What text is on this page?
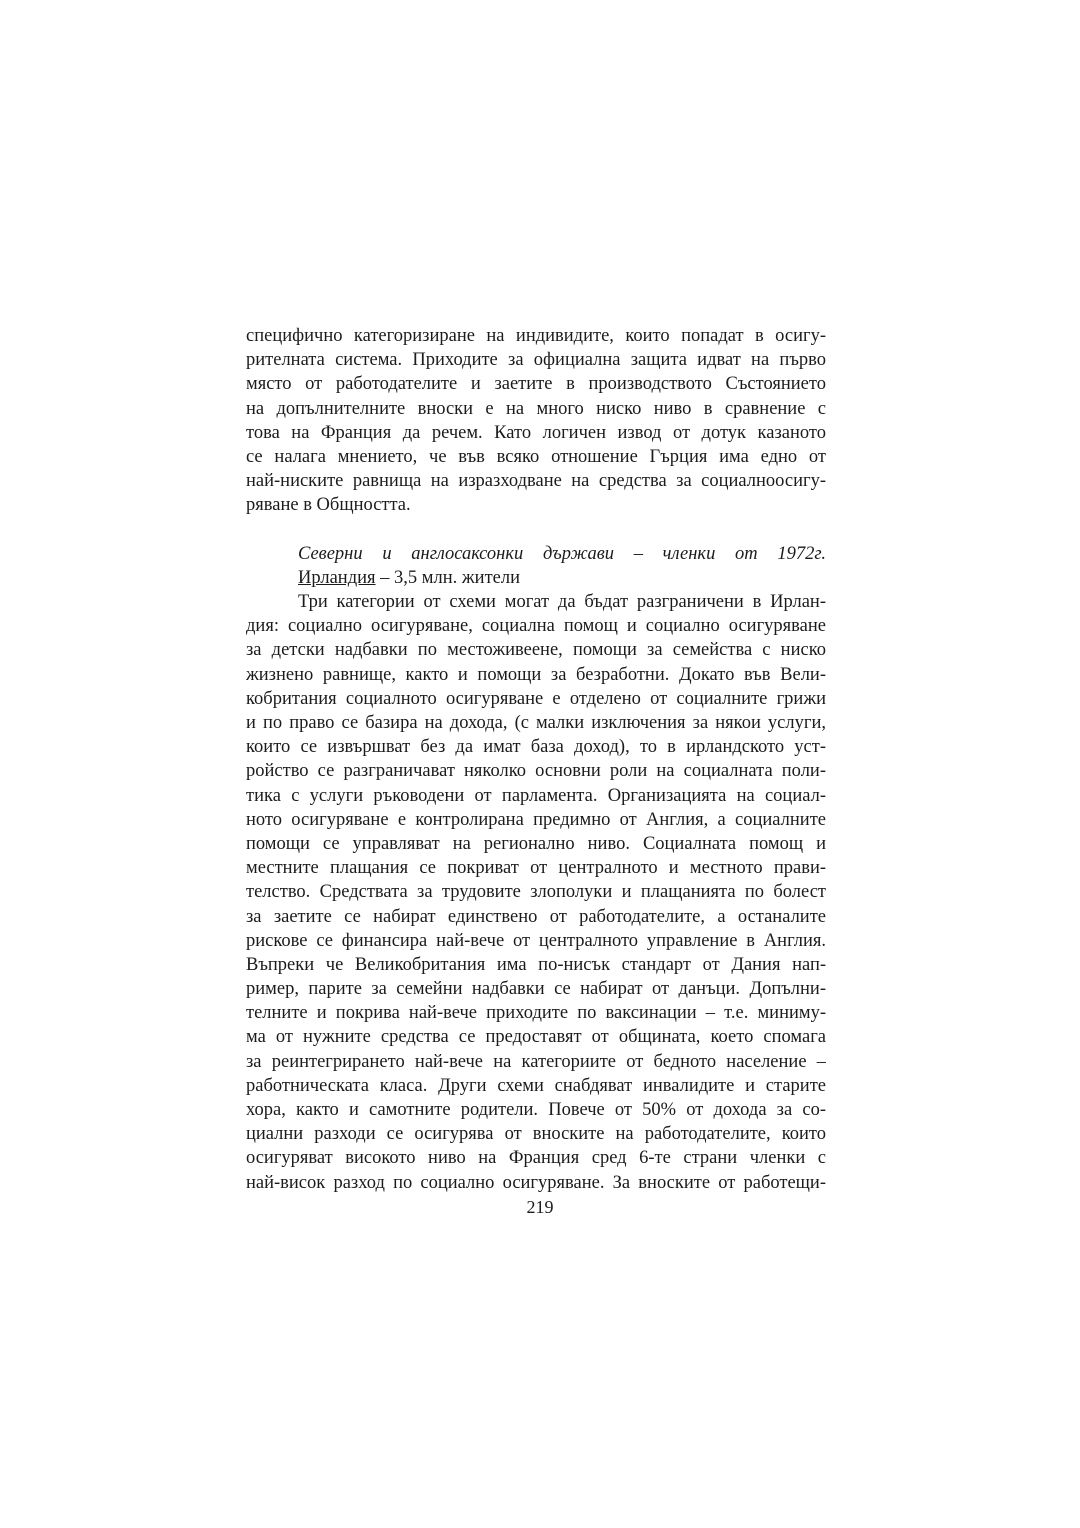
специфично категоризиране на индивидите, които попадат в осигу-
рителната система. Приходите за официална защита идват на първо
място от работодателите и заетите в производството Състоянието
на допълнителните вноски е на много ниско ниво в сравнение с
това на Франция да речем. Като логичен извод от дотук казаното
се налага мнението, че във всяко отношение Гърция има едно от
най-ниските равнища на изразходване на средства за социалноосигу-
ряване в Общността.
Северни и англосаксонки държави – членки от 1972г.
Ирландия – 3,5 млн. жители
Три категории от схеми могат да бъдат разграничени в Ирлан-
дия: социално осигуряване, социална помощ и социално осигуряване
за детски надбавки по местоживеене, помощи за семейства с ниско
жизнено равнище, както и помощи за безработни. Докато във Вели-
кобритания социалното осигуряване е отделено от социалните грижи
и по право се базира на дохода, (с малки изключения за някои услуги,
които се извършват без да имат база доход), то в ирландското уст-
ройство се разграничават няколко основни роли на социалната поли-
тика с услуги ръководени от парламента. Организацията на социал-
ното осигуряване е контролирана предимно от Англия, а социалните
помощи се управляват на регионално ниво. Социалната помощ и
местните плащания се покриват от централното и местното прави-
телство. Средствата за трудовите злополуки и плащанията по болест
за заетите се набират единствено от работодателите, а останалите
рискове се финансира най-вече от централното управление в Англия.
Въпреки че Великобритания има по-нисък стандарт от Дания нап-
ример, парите за семейни надбавки се набират от данъци. Допълни-
телните и покрива най-вече приходите по ваксинации – т.е. миниму-
ма от нужните средства се предоставят от общината, което спомага
за реинтегрирането най-вече на категориите от бедното население –
работническата класа. Други схеми снабдяват инвалидите и старите
хора, както и самотните родители. Повече от 50% от дохода за со-
циални разходи се осигурява от вноските на работодателите, които
осигуряват високото ниво на Франция сред 6-те страни членки с
най-висок разход по социално осигуряване. За вноските от работещи-
219
